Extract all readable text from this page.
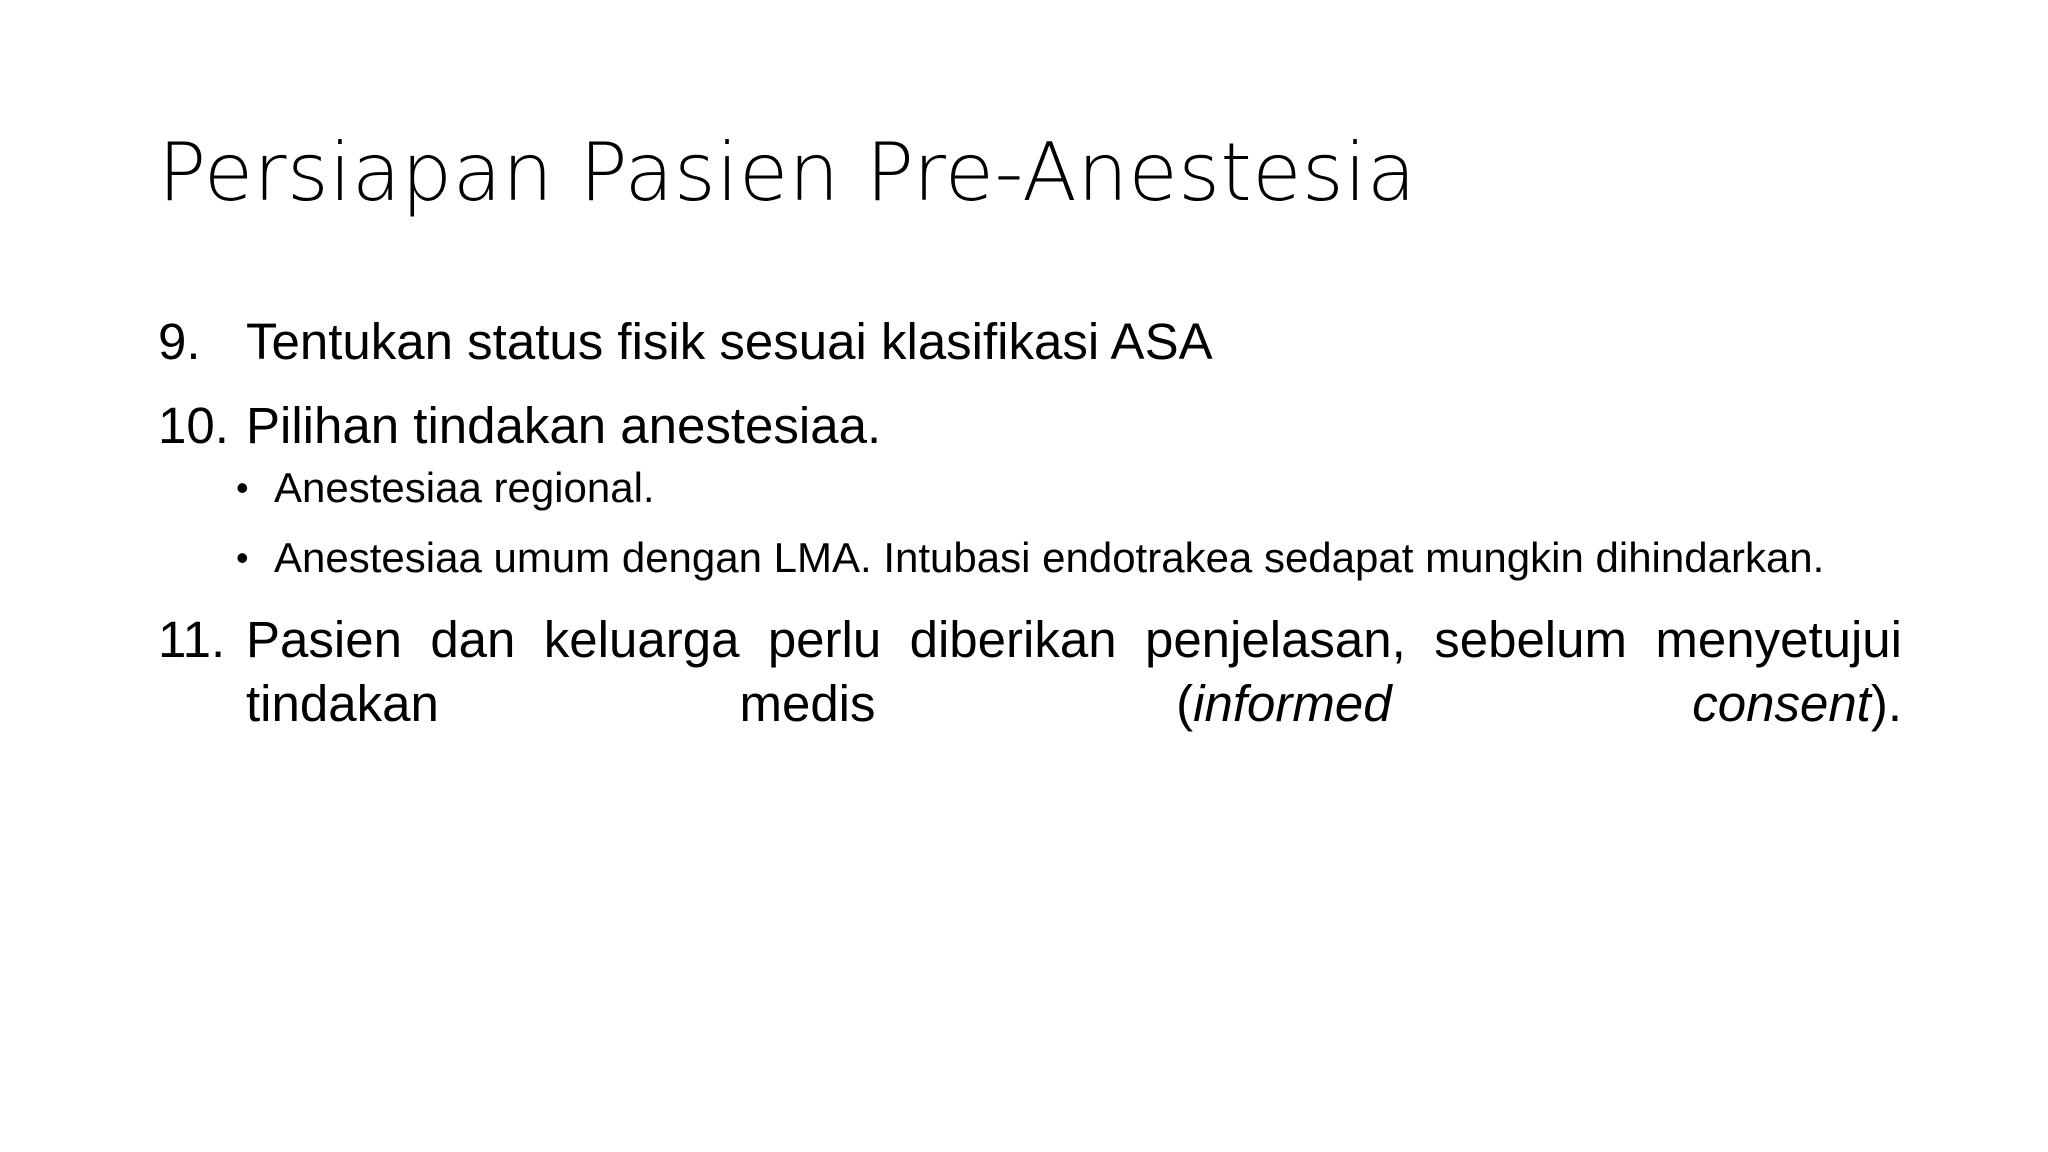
Persiapan Pasien Pre-Anestesia
9. Tentukan status fisik sesuai klasifikasi ASA
10. Pilihan tindakan anestesiaa.
• Anestesiaa regional.
• Anestesiaa umum dengan LMA. Intubasi endotrakea sedapat mungkin dihindarkan.
11. Pasien dan keluarga perlu diberikan penjelasan, sebelum menyetujui tindakan medis (informed consent).
